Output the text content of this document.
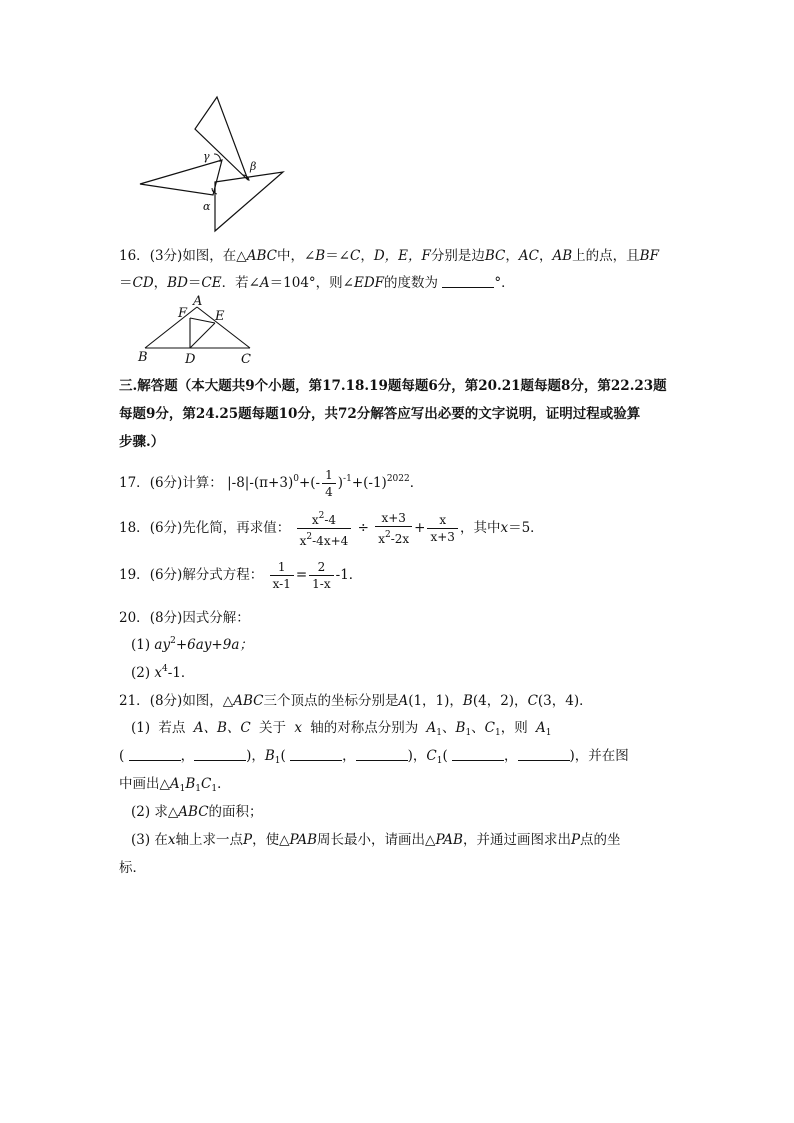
γ
β
α
16．(3分)如图，在△ABC中，∠B＝∠C，D，E，F分别是边BC，AC，AB上的点，且BF
＝CD，BD＝CE．若∠A＝104°，则∠EDF的度数为	°．
A
F E
B	D	C
三.解答题（本大题共9个小题，第17.18.19题每题6分，第20.21题每题8分，第22.23题
每题9分，第24.25题每题10分，共72分解答应写出必要的文字说明，证明过程或验算
步骤.）
17．(6分)计算： $|-8|-(\pi+3)^0+(- \frac{1}{4} )^{-1}+(-1)^{2022}$．
18．(6分)先化简，再求值： $\frac{x^2-4}{x^2-4x+4} \div \frac{x+3}{x^2-2x} + \frac{x}{x+3}$ ，其中x＝5．
19．(6分)解分式方程： $\frac{1}{x-1} = \frac{2}{1-x} -1$．
20．(8分)因式分解：
(1) $ay^2+6ay+9a$；
(2) $x^4-1$．
21．(8分)如图，△ABC三个顶点的坐标分别是A(1，1)，B(4，2)，C(3，4)．
(1) 若点 A、B、C 关于 x 轴的对称点分别为 $A_1$、$B_1$、$C_1$，则 $A_1$
(	，	)，$B_1$(	，	)，$C_1$(	，	)，并在图
中画出$\triangle A_1B_1C_1$．
(2) 求△ABC的面积；
(3) 在x轴上求一点P，使△PAB周长最小，请画出△PAB，并通过画图求出P点的坐
标．
